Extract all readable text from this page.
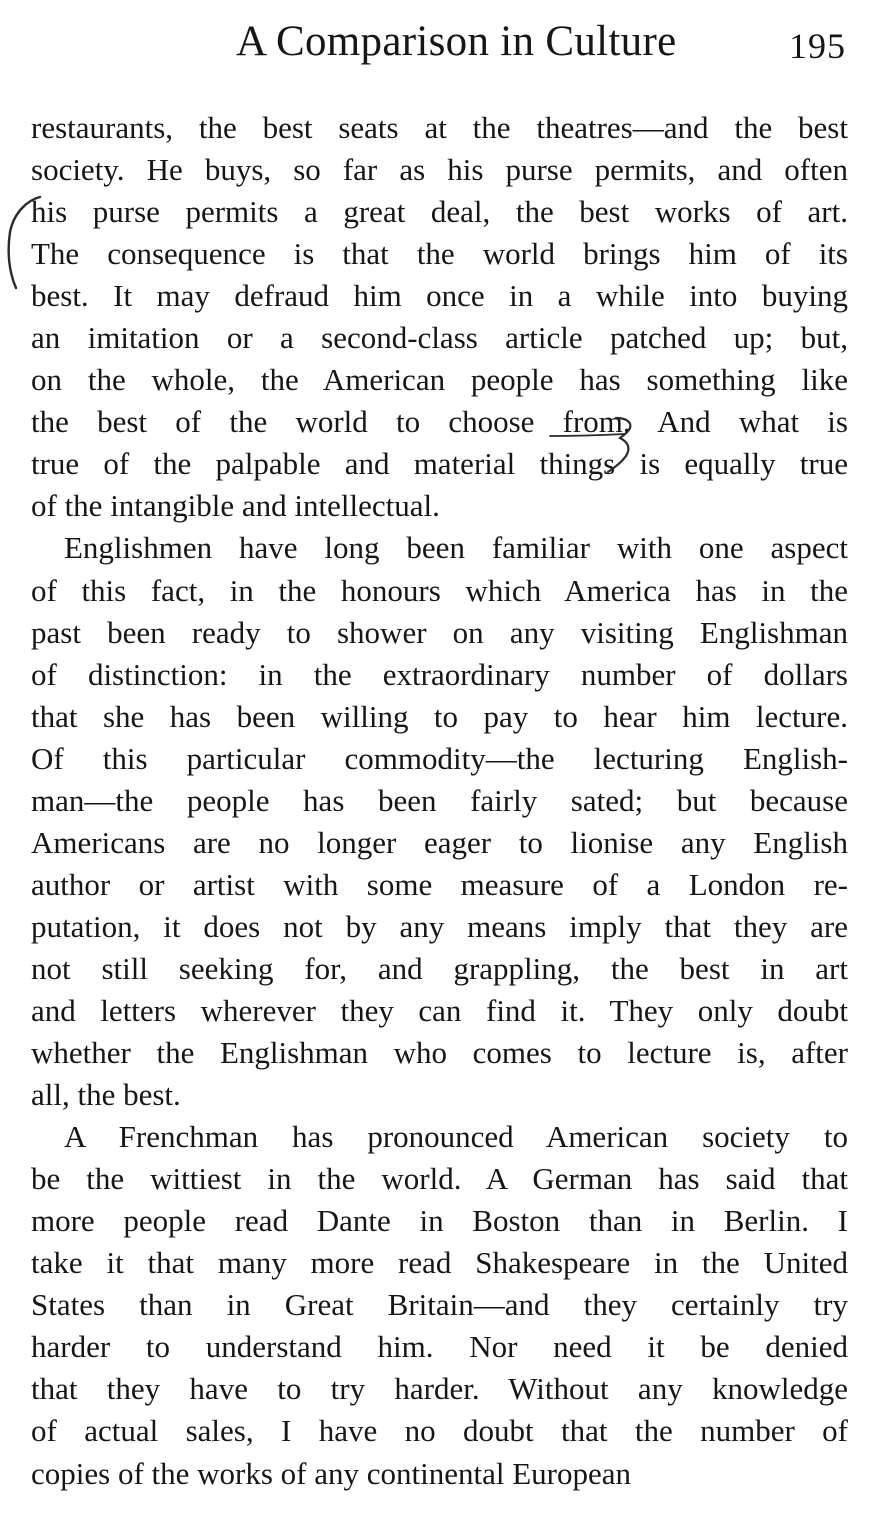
A Comparison in Culture	195
restaurants, the best seats at the theatres—and the best
society. He buys, so far as his purse permits, and often
his purse permits a great deal, the best works of art.
The consequence is that the world brings him of its
best. It may defraud him once in a while into buying
an imitation or a second-class article patched up; but,
on the whole, the American people has something like
the best of the world to choose from. And what is
true of the palpable and material things is equally true
of the intangible and intellectual.
Englishmen have long been familiar with one aspect
of this fact, in the honours which America has in the
past been ready to shower on any visiting Englishman
of distinction: in the extraordinary number of dollars
that she has been willing to pay to hear him lecture.
Of this particular commodity—the lecturing English-
man—the people has been fairly sated; but because
Americans are no longer eager to lionise any English
author or artist with some measure of a London re-
putation, it does not by any means imply that they are
not still seeking for, and grappling, the best in art
and letters wherever they can find it. They only doubt
whether the Englishman who comes to lecture is, after
all, the best.
A Frenchman has pronounced American society to
be the wittiest in the world. A German has said that
more people read Dante in Boston than in Berlin. I
take it that many more read Shakespeare in the United
States than in Great Britain—and they certainly try
harder to understand him. Nor need it be denied
that they have to try harder. Without any knowledge
of actual sales, I have no doubt that the number of
copies of the works of any continental European
